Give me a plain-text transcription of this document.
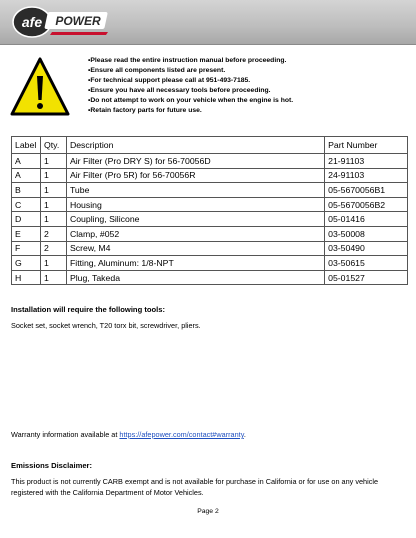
afe POWER
• Please read the entire instruction manual before proceeding.
• Ensure all components listed are present.
• For technical support please call at 951-493-7185.
• Ensure you have all necessary tools before proceeding.
• Do not attempt to work on your vehicle when the engine is hot.
• Retain factory parts for future use.
Label	Qty.	Description	Part Number
A	1	Air Filter (Pro DRY S) for 56-70056D	21-91103
A	1	Air Filter (Pro 5R) for 56-70056R	24-91103
B	1	Tube	05-5670056B1
C	1	Housing	05-5670056B2
D	1	Coupling, Silicone	05-01416
E	2	Clamp, #052	03-50008
F	2	Screw, M4	03-50490
G	1	Fitting, Aluminum: 1/8-NPT	03-50615
H	1	Plug, Takeda	05-01527
Installation will require the following tools:
Socket set, socket wrench, T20 torx bit, screwdriver, pliers.
Warranty information available at https://afepower.com/contact#warranty.
Emissions Disclaimer:
This product is not currently CARB exempt and is not available for purchase in California or for use on any vehicle registered with the California Department of Motor Vehicles.
Page 2
